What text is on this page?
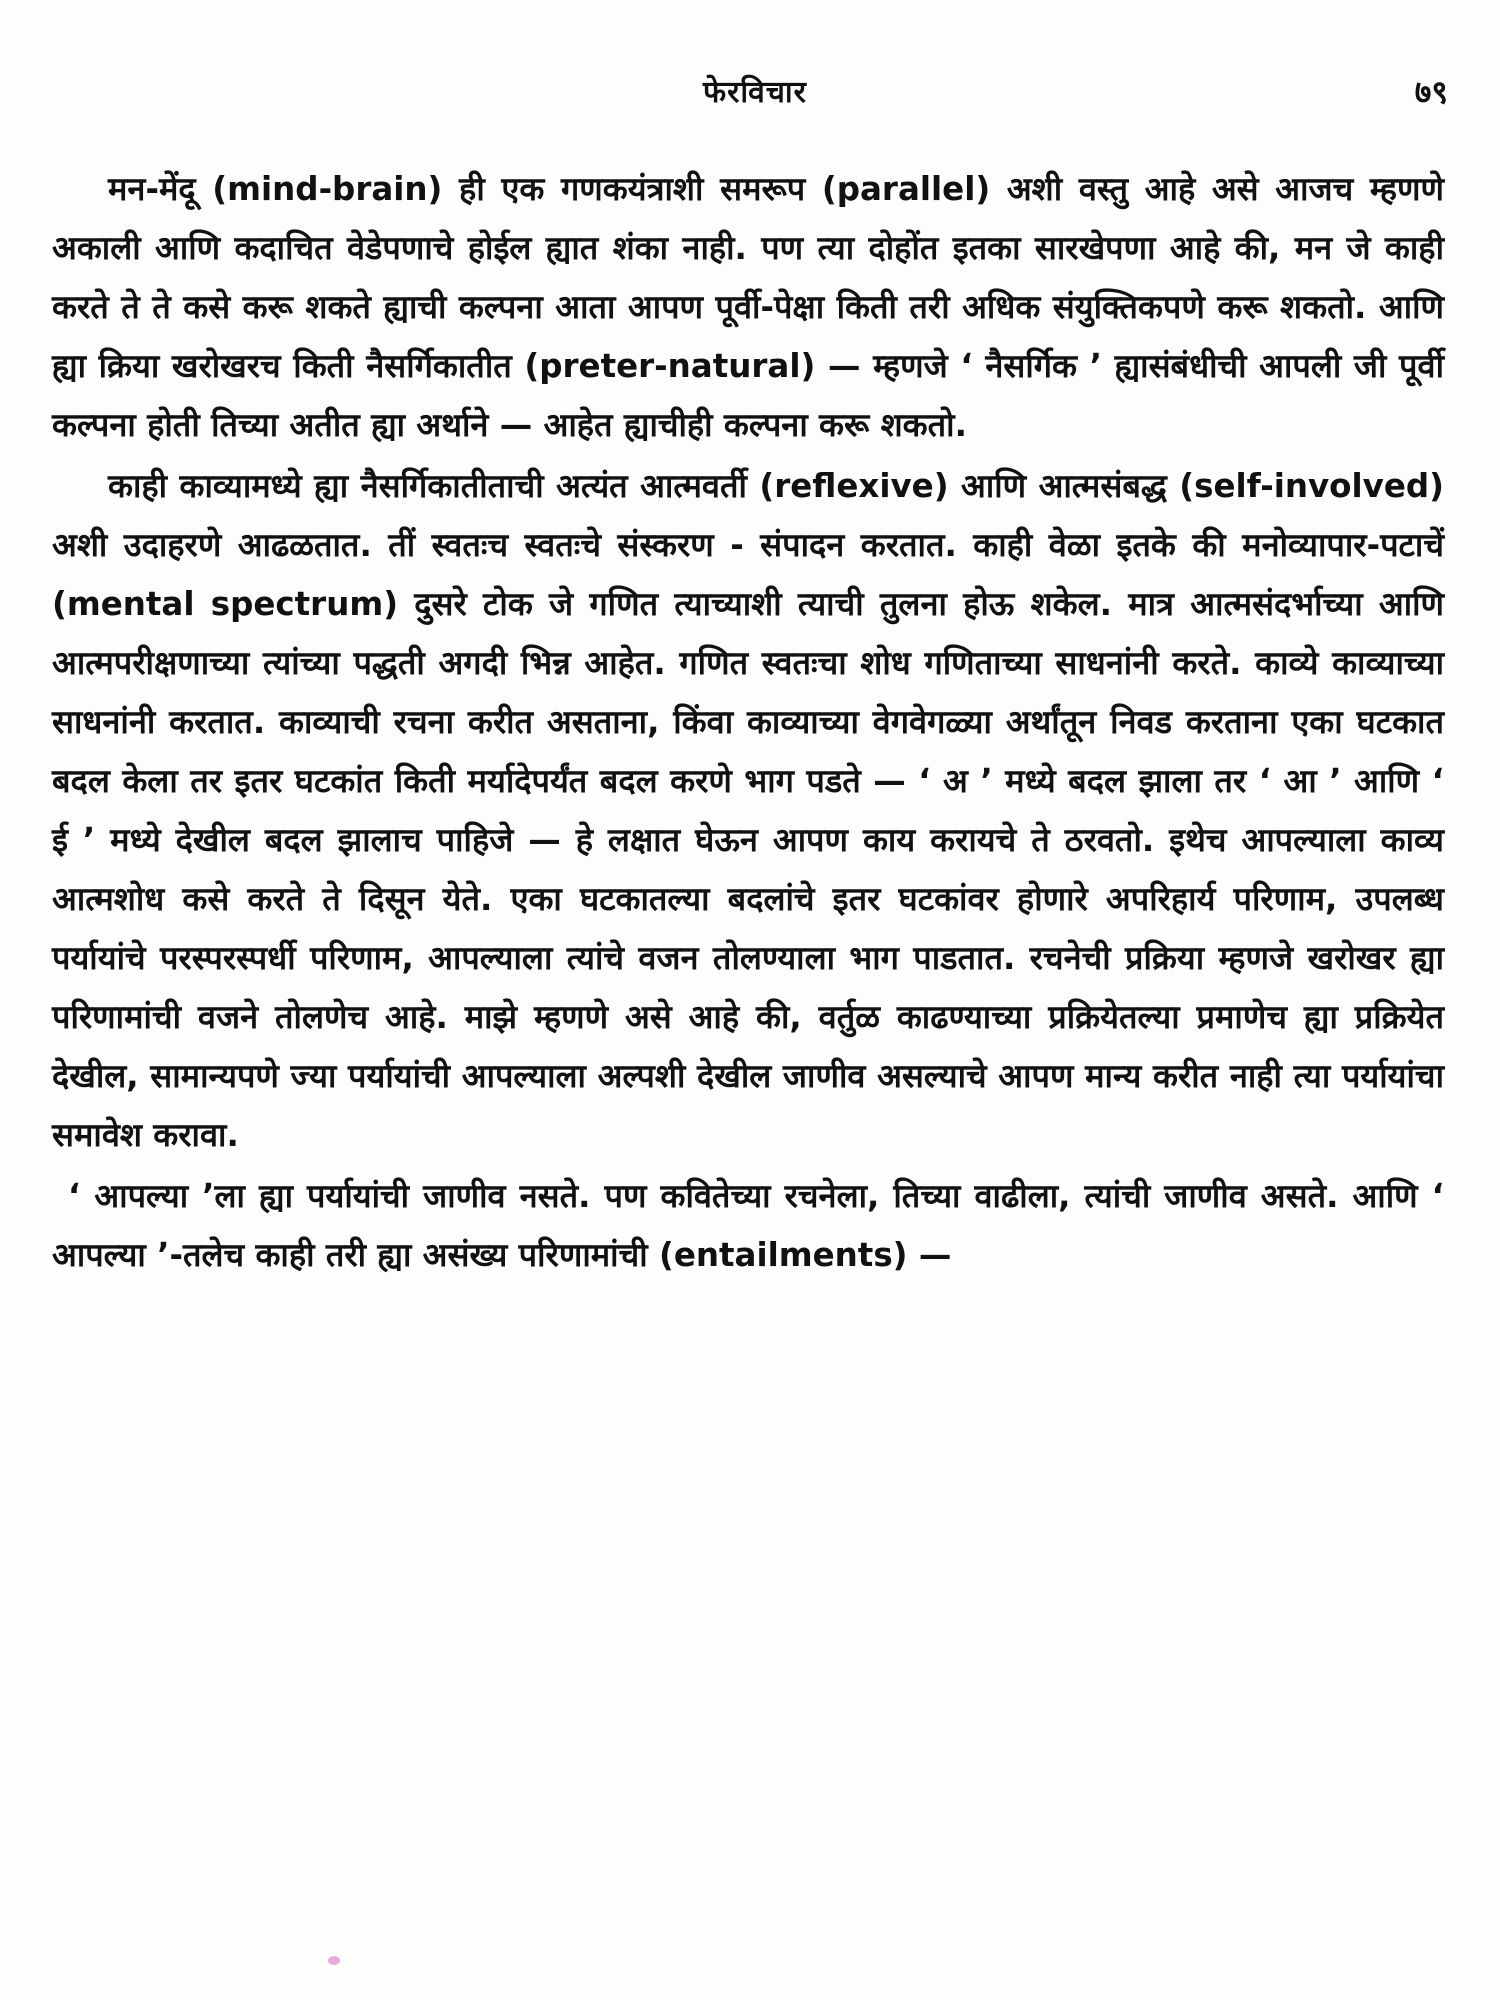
फेरविचार	७९

मन-मेंदू (mind-brain) ही एक गणकयंत्राशी समरूप (parallel) अशी वस्तु आहे असे आजच म्हणणे अकाली आणि कदाचित वेडेपणाचे होईल ह्यात शंका नाही. पण त्या दोहोंत इतका सारखेपणा आहे की, मन जे काही करते ते ते कसे करू शकते ह्याची कल्पना आता आपण पूर्वी-पेक्षा किती तरी अधिक संयुक्तिकपणे करू शकतो. आणि ह्या क्रिया खरोखरच किती नैसर्गिकातीत (preter-natural) — म्हणजे ‘ नैसर्गिक ’ ह्यासंबंधीची आपली जी पूर्वी कल्पना होती तिच्या अतीत ह्या अर्थाने — आहेत ह्याचीही कल्पना करू शकतो.

काही काव्यामध्ये ह्या नैसर्गिकातीताची अत्यंत आत्मवर्ती (reflexive) आणि आत्मसंबद्ध (self-involved) अशी उदाहरणे आढळतात. तीं स्वतःच स्वतःचे संस्करण - संपादन करतात. काही वेळा इतके की मनोव्यापार-पटाचें (mental spectrum) दुसरे टोक जे गणित त्याच्याशी त्याची तुलना होऊ शकेल. मात्र आत्मसंदर्भाच्या आणि आत्मपरीक्षणाच्या त्यांच्या पद्धती अगदी भिन्न आहेत. गणित स्वतःचा शोध गणिताच्या साधनांनी करते. काव्ये काव्याच्या साधनांनी करतात. काव्याची रचना करीत असताना, किंवा काव्याच्या वेगवेगळ्या अर्थांतून निवड करताना एका घटकात बदल केला तर इतर घटकांत किती मर्यादेपर्यंत बदल करणे भाग पडते — ‘ अ ’ मध्ये बदल झाला तर ‘ आ ’ आणि ‘ ई ’ मध्ये देखील बदल झालाच पाहिजे — हे लक्षात घेऊन आपण काय करायचे ते ठरवतो. इथेच आपल्याला काव्य आत्मशोध कसे करते ते दिसून येते. एका घटकातल्या बदलांचे इतर घटकांवर होणारे अपरिहार्य परिणाम, उपलब्ध पर्यायांचे परस्परस्पर्धी परिणाम, आपल्याला त्यांचे वजन तोलण्याला भाग पाडतात. रचनेची प्रक्रिया म्हणजे खरोखर ह्या परिणामांची वजने तोलणेच आहे. माझे म्हणणे असे आहे की, वर्तुळ काढण्याच्या प्रक्रियेतल्या प्रमाणेच ह्या प्रक्रियेत देखील, सामान्यपणे ज्या पर्यायांची आपल्याला अल्पशी देखील जाणीव असल्याचे आपण मान्य करीत नाही त्या पर्यायांचा समावेश करावा.

‘ आपल्या ’ला ह्या पर्यायांची जाणीव नसते. पण कवितेच्या रचनेला, तिच्या वाढीला, त्यांची जाणीव असते. आणि ‘ आपल्या ’-तलेच काही तरी ह्या असंख्य परिणामांची (entailments) —
